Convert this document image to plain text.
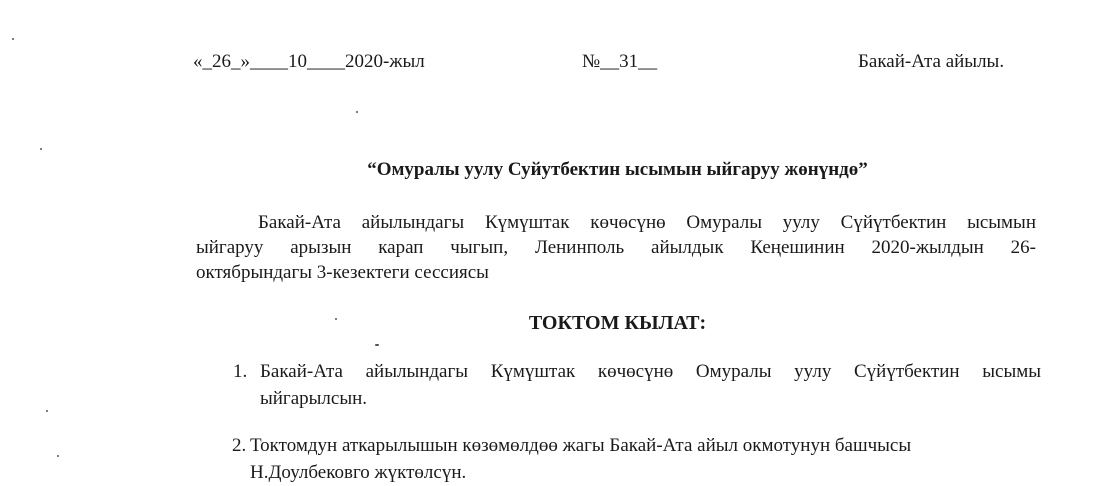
«_26_»____10____2020-жыл	№__31__	Бакай-Ата айылы.
“Омуралы уулу Суйутбектин ысымын ыйгаруу жөнүндө”
Бакай-Ата айылындагы Күмүштак көчөсүнө Омуралы уулу Сүйүтбектин ысымын
ыйгаруу арызын карап чыгып, Ленинполь айылдык Кеңешинин 2020-жылдын 26-
октябрындагы 3-кезектеги сессиясы
ТОКТОМ КЫЛАТ:
1. Бакай-Ата айылындагы Күмүштак көчөсүнө Омуралы уулу Сүйүтбектин ысымы
ыйгарылсын.
2. Токтомдун аткарылышын көзөмөлдөө жагы Бакай-Ата айыл окмотунун башчысы
Н.Доулбековго жүктөлсүн.
